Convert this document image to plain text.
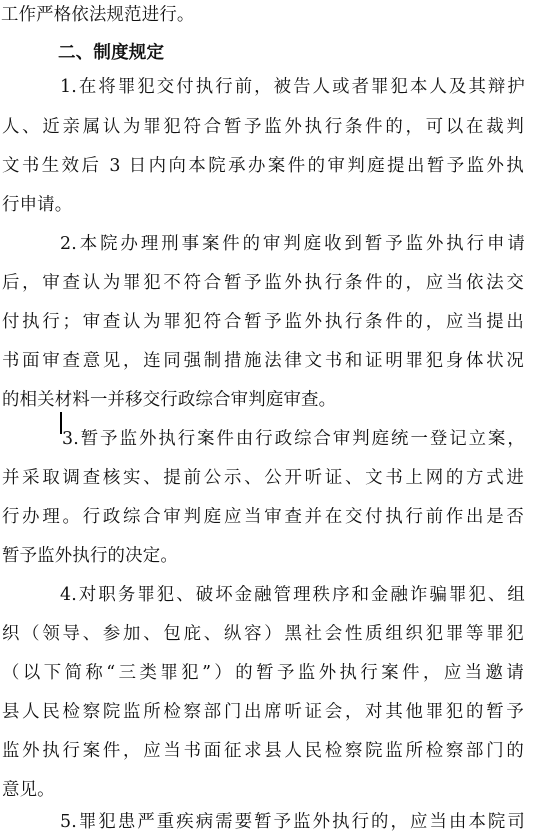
工作严格依法规范进行。
二、制度规定
1.在将罪犯交付执行前，被告人或者罪犯本人及其辩护
人、近亲属认为罪犯符合暂予监外执行条件的，可以在裁判
文书生效后 3 日内向本院承办案件的审判庭提出暂予监外执
行申请。
2.本院办理刑事案件的审判庭收到暂予监外执行申请
后，审查认为罪犯不符合暂予监外执行条件的，应当依法交
付执行；审查认为罪犯符合暂予监外执行条件的，应当提出
书面审查意见，连同强制措施法律文书和证明罪犯身体状况
的相关材料一并移交行政综合审判庭审查。
3.暂予监外执行案件由行政综合审判庭统一登记立案，
并采取调查核实、提前公示、公开听证、文书上网的方式进
行办理。行政综合审判庭应当审查并在交付执行前作出是否
暂予监外执行的决定。
4.对职务罪犯、破坏金融管理秩序和金融诈骗罪犯、组
织（领导、参加、包庇、纵容）黑社会性质组织犯罪等罪犯
（以下简称“三类罪犯”）的暂予监外执行案件，应当邀请
县人民检察院监所检察部门出席听证会，对其他罪犯的暂予
监外执行案件，应当书面征求县人民检察院监所检察部门的
意见。
5.罪犯患严重疾病需要暂予监外执行的，应当由本院司
